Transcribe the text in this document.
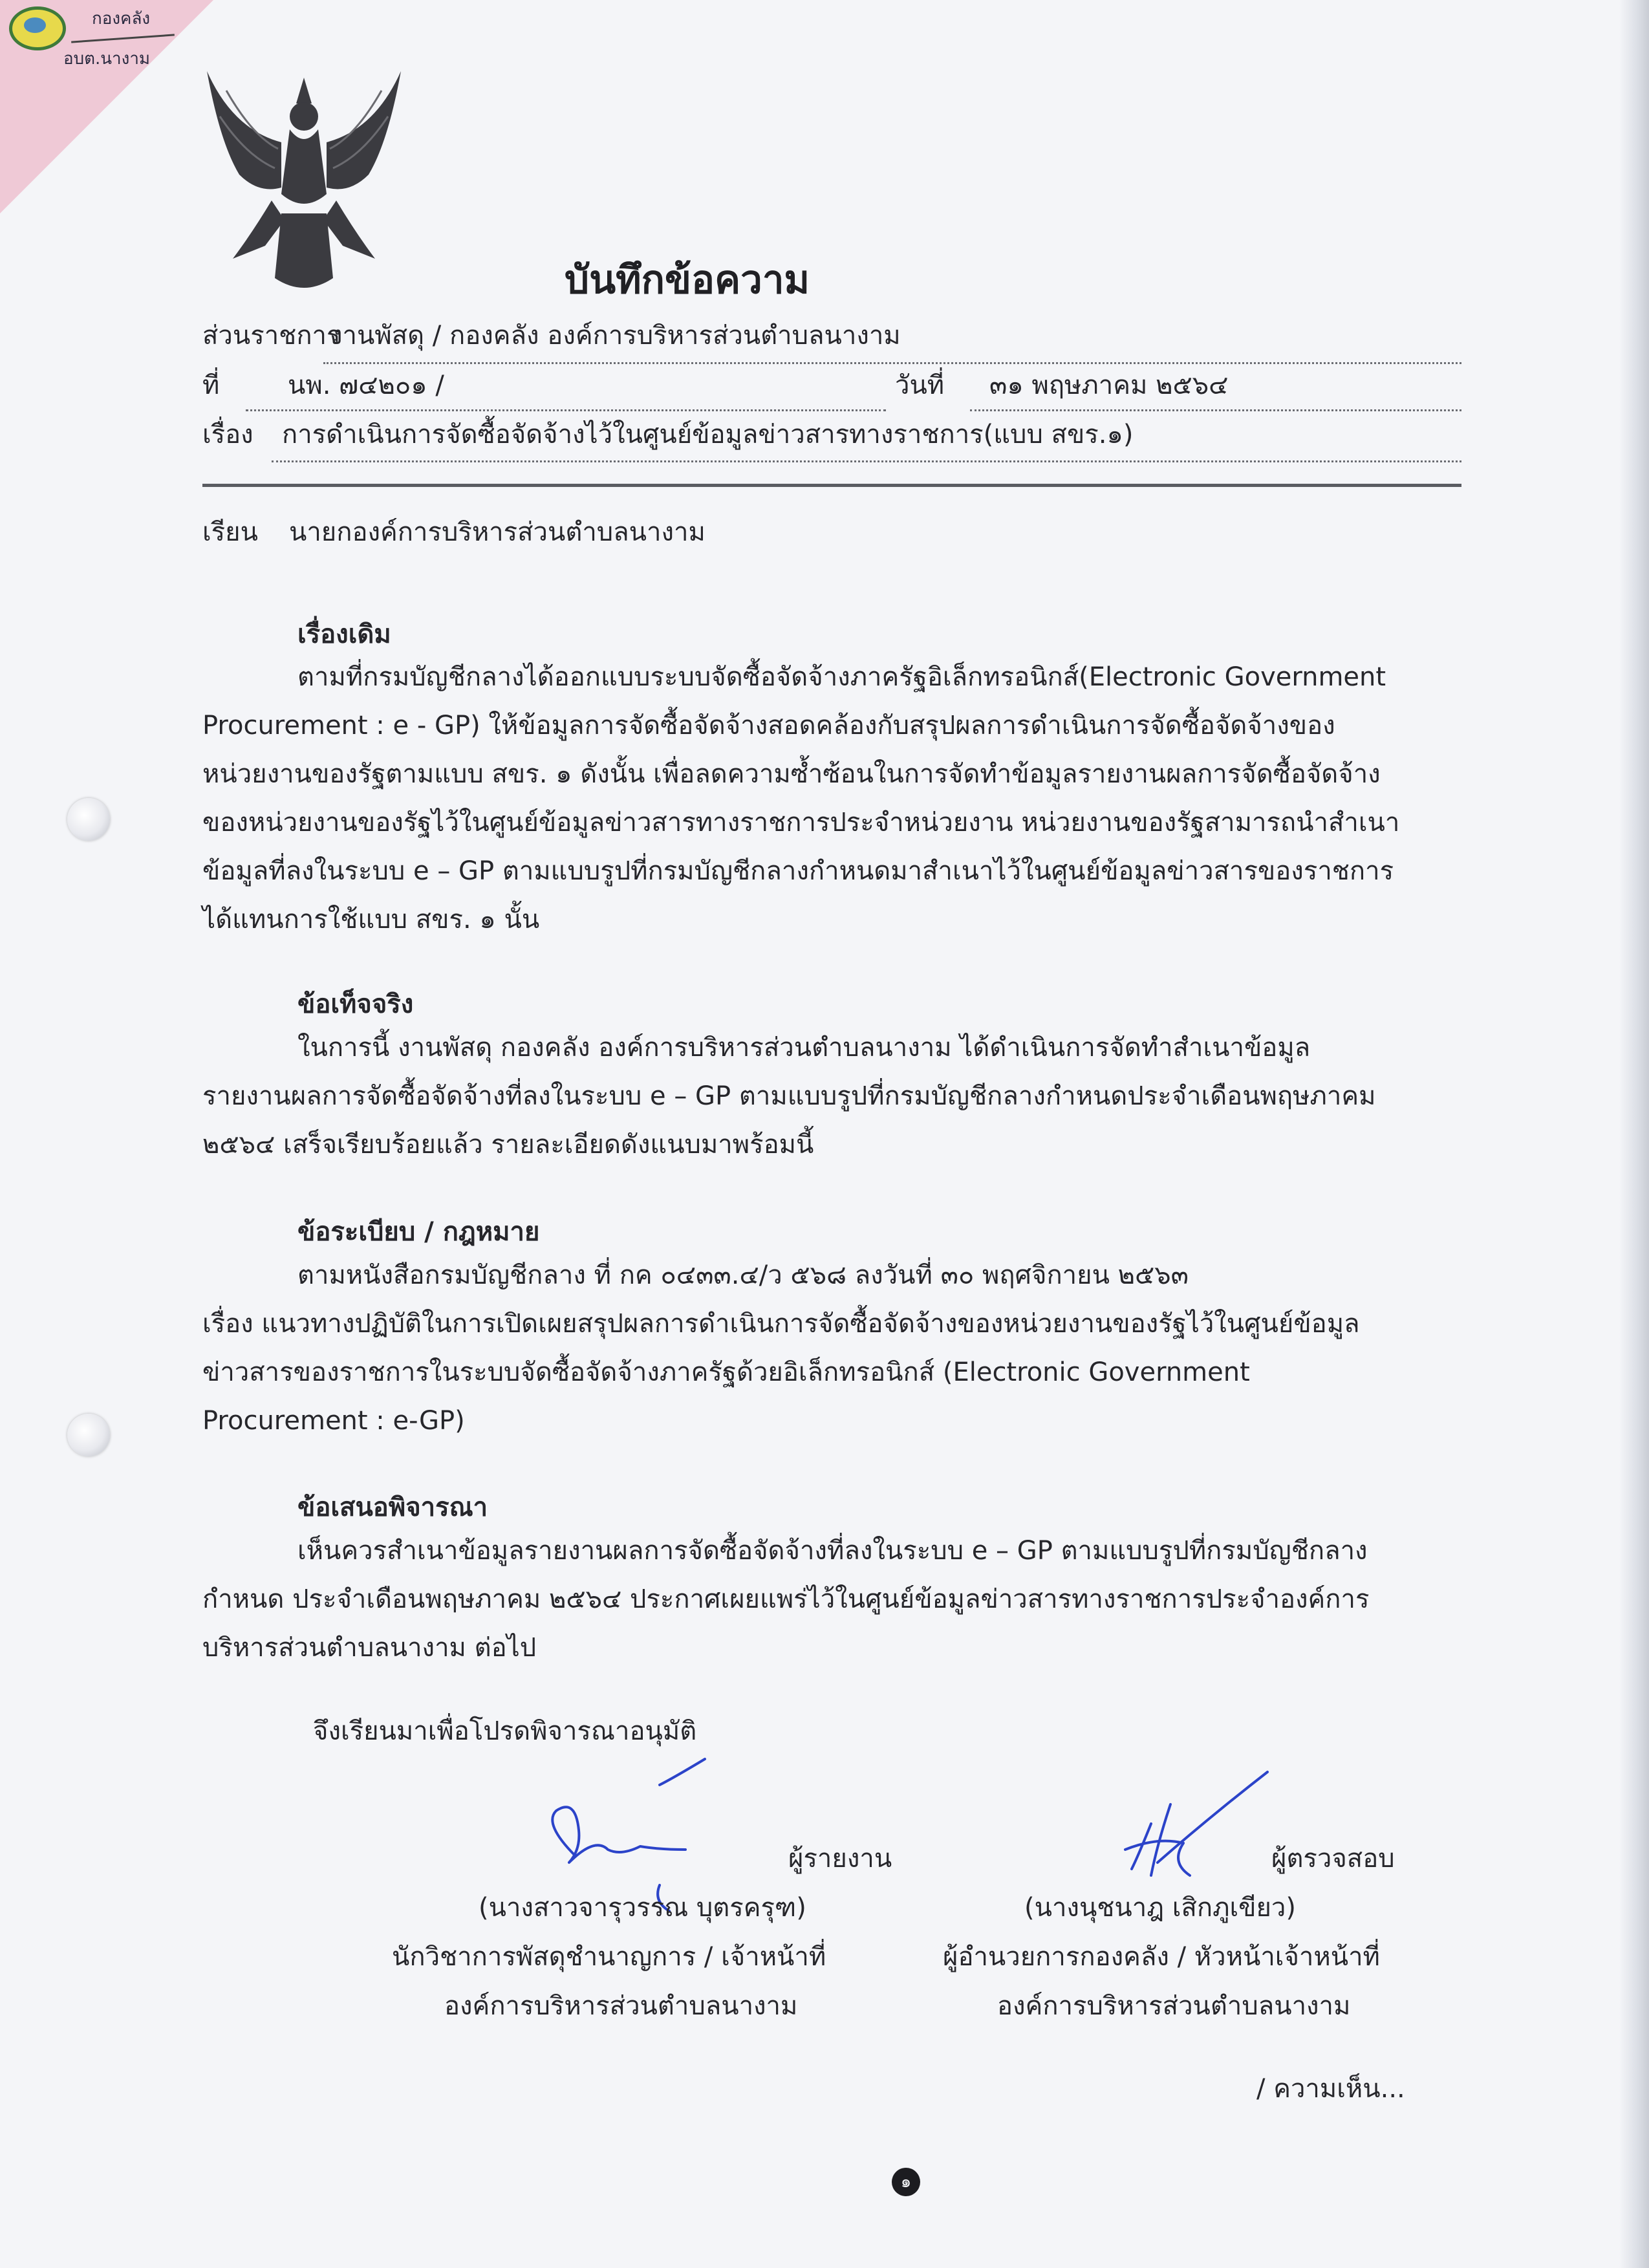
กองคลัง
อบต.นางาม
บันทึกข้อความ
ส่วนราชการ
งานพัสดุ / กองคลัง องค์การบริหารส่วนตำบลนางาม
ที่	นพ. ๗๔๒๐๑ /	วันที่ ๓๑ พฤษภาคม ๒๕๖๔
เรื่อง การดำเนินการจัดซื้อจัดจ้างไว้ในศูนย์ข้อมูลข่าวสารทางราชการ(แบบ สขร.๑)
เรียน นายกองค์การบริหารส่วนตำบลนางาม
เรื่องเดิม
ตามที่กรมบัญชีกลางได้ออกแบบระบบจัดซื้อจัดจ้างภาครัฐอิเล็กทรอนิกส์(Electronic Government
Procurement : e - GP) ให้ข้อมูลการจัดซื้อจัดจ้างสอดคล้องกับสรุปผลการดำเนินการจัดซื้อจัดจ้างของ
หน่วยงานของรัฐตามแบบ สขร. ๑ ดังนั้น เพื่อลดความซ้ำซ้อนในการจัดทำข้อมูลรายงานผลการจัดซื้อจัดจ้าง
ของหน่วยงานของรัฐไว้ในศูนย์ข้อมูลข่าวสารทางราชการประจำหน่วยงาน หน่วยงานของรัฐสามารถนำสำเนา
ข้อมูลที่ลงในระบบ e – GP ตามแบบรูปที่กรมบัญชีกลางกำหนดมาสำเนาไว้ในศูนย์ข้อมูลข่าวสารของราชการ
ได้แทนการใช้แบบ สขร. ๑ นั้น
ข้อเท็จจริง
ในการนี้ งานพัสดุ กองคลัง องค์การบริหารส่วนตำบลนางาม ได้ดำเนินการจัดทำสำเนาข้อมูล
รายงานผลการจัดซื้อจัดจ้างที่ลงในระบบ e – GP ตามแบบรูปที่กรมบัญชีกลางกำหนดประจำเดือนพฤษภาคม
๒๕๖๔ เสร็จเรียบร้อยแล้ว รายละเอียดดังแนบมาพร้อมนี้
ข้อระเบียบ / กฎหมาย
ตามหนังสือกรมบัญชีกลาง ที่ กค ๐๔๓๓.๔/ว ๕๖๘ ลงวันที่ ๓๐ พฤศจิกายน ๒๕๖๓
เรื่อง แนวทางปฏิบัติในการเปิดเผยสรุปผลการดำเนินการจัดซื้อจัดจ้างของหน่วยงานของรัฐไว้ในศูนย์ข้อมูล
ข่าวสารของราชการในระบบจัดซื้อจัดจ้างภาครัฐด้วยอิเล็กทรอนิกส์ (Electronic Government
Procurement : e-GP)
ข้อเสนอพิจารณา
เห็นควรสำเนาข้อมูลรายงานผลการจัดซื้อจัดจ้างที่ลงในระบบ e – GP ตามแบบรูปที่กรมบัญชีกลาง
กำหนด ประจำเดือนพฤษภาคม ๒๕๖๔ ประกาศเผยแพร่ไว้ในศูนย์ข้อมูลข่าวสารทางราชการประจำองค์การ
บริหารส่วนตำบลนางาม ต่อไป
จึงเรียนมาเพื่อโปรดพิจารณาอนุมัติ
ผู้รายงาน
(นางสาวจารุวรรณ บุตรครุฑ)
นักวิชาการพัสดุชำนาญการ / เจ้าหน้าที่
องค์การบริหารส่วนตำบลนางาม
ผู้ตรวจสอบ
(นางนุชนาฎ เสิกภูเขียว)
ผู้อำนวยการกองคลัง / หัวหน้าเจ้าหน้าที่
องค์การบริหารส่วนตำบลนางาม
/ ความเห็น...
๑
